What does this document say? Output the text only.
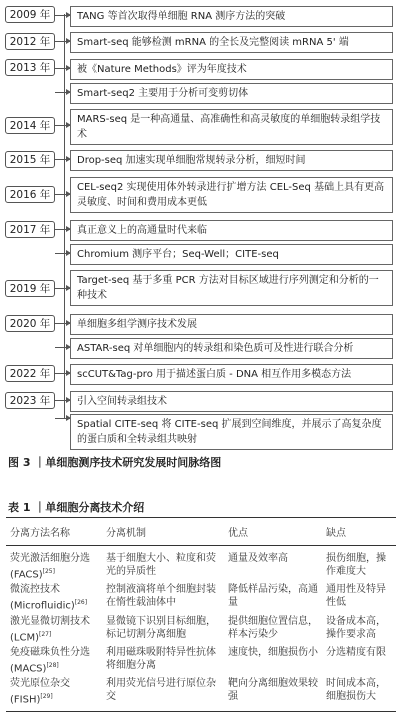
2009 年
2012 年
2013 年
2014 年
2015 年
2016 年
2017 年
2019 年
2020 年
2022 年
2023 年
TANG 等首次取得单细胞 RNA 测序方法的突破
Smart-seq 能够检测 mRNA 的全长及完整阅读 mRNA 5' 端
被《Nature Methods》评为年度技术
Smart-seq2 主要用于分析可变剪切体
MARS-seq 是一种高通量、高准确性和高灵敏度的单细胞转录组学技术
Drop-seq 加速实现单细胞常规转录分析，细短时间
CEL-seq2 实现使用体外转录进行扩增方法 CEL-Seq 基础上具有更高灵敏度、时间和费用成本更低
真正意义上的高通量时代来临
Chromium 测序平台；Seq-Well；CITE-seq
Target-seq 基于多重 PCR 方法对目标区域进行序列测定和分析的一种技术
单细胞多组学测序技术发展
ASTAR-seq 对单细胞内的转录组和染色质可及性进行联合分析
scCUT&Tag-pro 用于描述蛋白质 - DNA 相互作用多模态方法
引入空间转录组技术
Spatial CITE-seq 将 CITE-seq 扩展到空间维度，并展示了高复杂度的蛋白质和全转录组共映射
图 3 ｜单细胞测序技术研究发展时间脉络图
表 1 ｜单细胞分离技术介绍
分离方法名称	分离机制	优点	缺点
荧光激活细胞分选(FACS)[25]	基于细胞大小、粒度和荧光的异质性	通量及效率高	损伤细胞，操作难度大
微流控技术(Microfluidic)[26]	控制液滴将单个细胞封装在惰性载油体中	降低样品污染，高通量	通用性及特异性低
激光显微切割技术(LCM)[27]	显微镜下识别目标细胞，标记切割分离细胞	提供细胞位置信息，样本污染少	设备成本高，操作要求高
免疫磁珠负性分选(MACS)[28]	利用磁珠吸附特异性抗体将细胞分离	速度快，细胞损伤小	分选精度有限
荧光原位杂交(FISH)[29]	利用荧光信号进行原位杂交	靶向分离细胞效果较强	时间成本高，细胞损伤大
